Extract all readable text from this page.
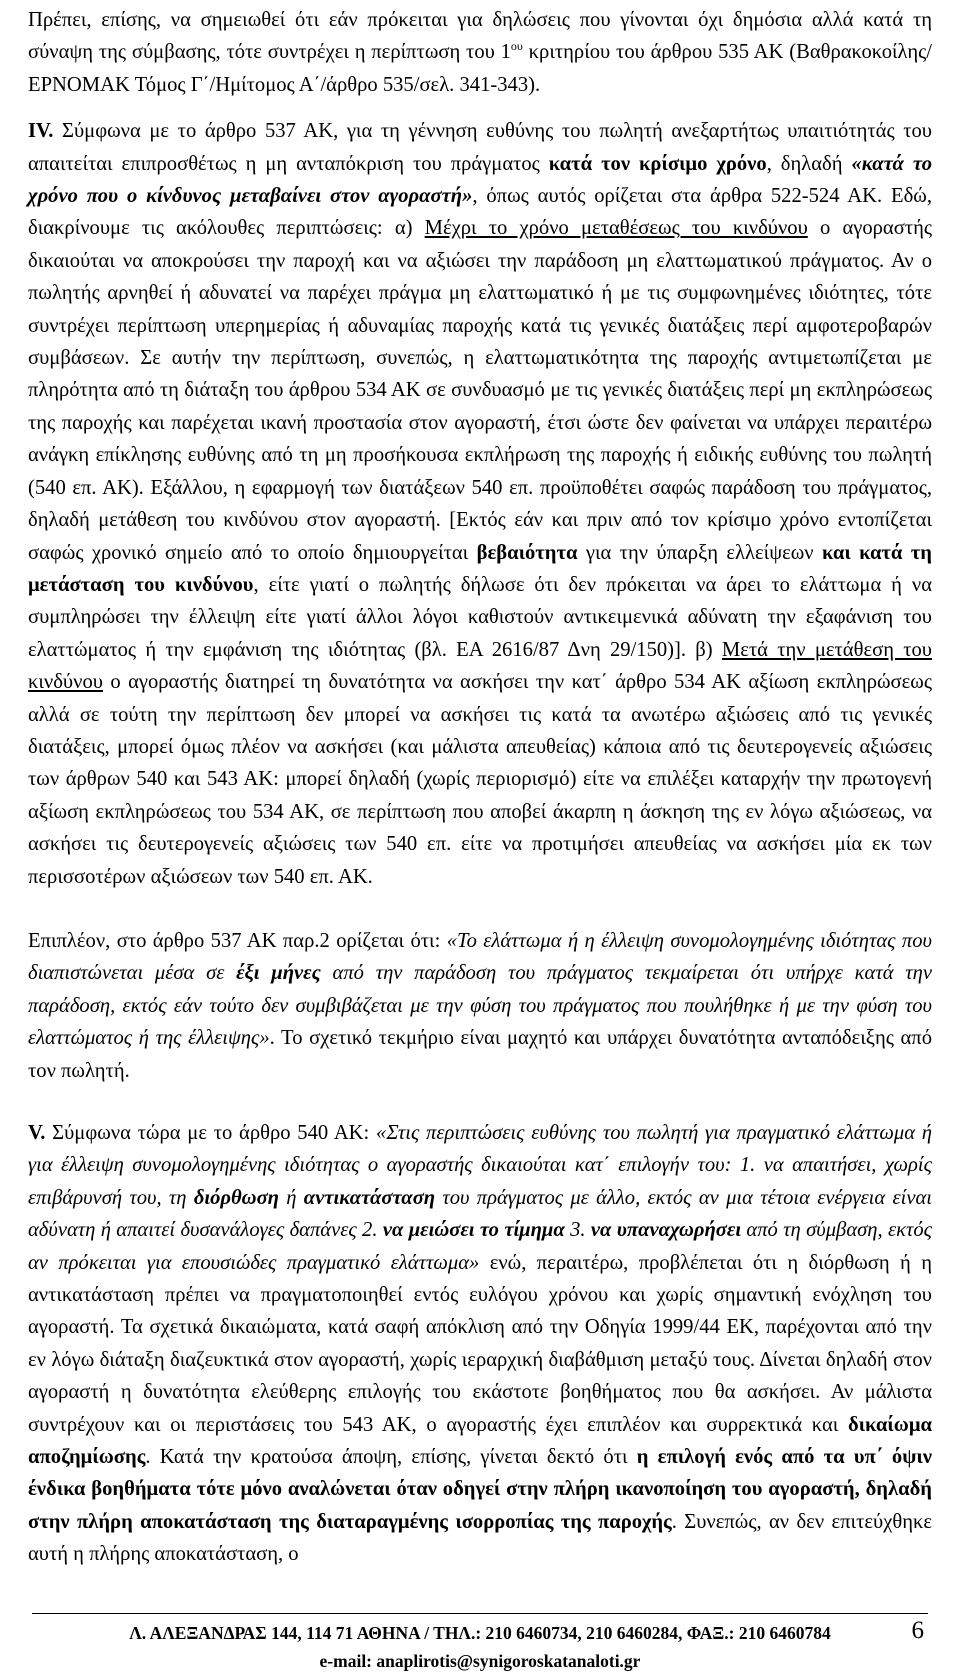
Πρέπει, επίσης, να σημειωθεί ότι εάν πρόκειται για δηλώσεις που γίνονται όχι δημόσια αλλά κατά τη σύναψη της σύμβασης, τότε συντρέχει η περίπτωση του $1^{o\upsilon}$ κριτηρίου του άρθρου 535 ΑΚ (Βαθρακοκοίλης/ΕΡΝΟΜΑΚ Τόμος Γ΄/Ημίτομος Α΄/άρθρο 535/σελ. 341-343).

IV. Σύμφωνα με το άρθρο 537 ΑΚ, για τη γέννηση ευθύνης του πωλητή ανεξαρτήτως υπαιτιότητάς του απαιτείται επιπροσθέτως η μη ανταπόκριση του πράγματος κατά τον κρίσιμο χρόνο, δηλαδή «κατά το χρόνο που ο κίνδυνος μεταβαίνει στον αγοραστή», όπως αυτός ορίζεται στα άρθρα 522-524 ΑΚ. Εδώ, διακρίνουμε τις ακόλουθες περιπτώσεις: α) Μέχρι το χρόνο μεταθέσεως του κινδύνου ο αγοραστής δικαιούται να αποκρούσει την παροχή και να αξιώσει την παράδοση μη ελαττωματικού πράγματος. Αν ο πωλητής αρνηθεί ή αδυνατεί να παρέχει πράγμα μη ελαττωματικό ή με τις συμφωνημένες ιδιότητες, τότε συντρέχει περίπτωση υπερημερίας ή αδυναμίας παροχής κατά τις γενικές διατάξεις περί αμφοτεροβαρών συμβάσεων. Σε αυτήν την περίπτωση, συνεπώς, η ελαττωματικότητα της παροχής αντιμετωπίζεται με πληρότητα από τη διάταξη του άρθρου 534 ΑΚ σε συνδυασμό με τις γενικές διατάξεις περί μη εκπληρώσεως της παροχής και παρέχεται ικανή προστασία στον αγοραστή, έτσι ώστε δεν φαίνεται να υπάρχει περαιτέρω ανάγκη επίκλησης ευθύνης από τη μη προσήκουσα εκπλήρωση της παροχής ή ειδικής ευθύνης του πωλητή (540 επ. ΑΚ). Εξάλλου, η εφαρμογή των διατάξεων 540 επ. προϋποθέτει σαφώς παράδοση του πράγματος, δηλαδή μετάθεση του κινδύνου στον αγοραστή. [Εκτός εάν και πριν από τον κρίσιμο χρόνο εντοπίζεται σαφώς χρονικό σημείο από το οποίο δημιουργείται βεβαιότητα για την ύπαρξη ελλείψεων και κατά τη μετάσταση του κινδύνου, είτε γιατί ο πωλητής δήλωσε ότι δεν πρόκειται να άρει το ελάττωμα ή να συμπληρώσει την έλλειψη είτε γιατί άλλοι λόγοι καθιστούν αντικειμενικά αδύνατη την εξαφάνιση του ελαττώματος ή την εμφάνιση της ιδιότητας (βλ. ΕΑ 2616/87 Δνη 29/150)]. β) Μετά την μετάθεση του κινδύνου ο αγοραστής διατηρεί τη δυνατότητα να ασκήσει την κατ΄ άρθρο 534 ΑΚ αξίωση εκπληρώσεως αλλά σε τούτη την περίπτωση δεν μπορεί να ασκήσει τις κατά τα ανωτέρω αξιώσεις από τις γενικές διατάξεις, μπορεί όμως πλέον να ασκήσει (και μάλιστα απευθείας) κάποια από τις δευτερογενείς αξιώσεις των άρθρων 540 και 543 ΑΚ: μπορεί δηλαδή (χωρίς περιορισμό) είτε να επιλέξει καταρχήν την πρωτογενή αξίωση εκπληρώσεως του 534 ΑΚ, σε περίπτωση που αποβεί άκαρπη η άσκηση της εν λόγω αξιώσεως, να ασκήσει τις δευτερογενείς αξιώσεις των 540 επ. είτε να προτιμήσει απευθείας να ασκήσει μία εκ των περισσοτέρων αξιώσεων των 540 επ. ΑΚ.

Επιπλέον, στο άρθρο 537 ΑΚ παρ.2 ορίζεται ότι: «Το ελάττωμα ή η έλλειψη συνομολογημένης ιδιότητας που διαπιστώνεται μέσα σε έξι μήνες από την παράδοση του πράγματος τεκμαίρεται ότι υπήρχε κατά την παράδοση, εκτός εάν τούτο δεν συμβιβάζεται με την φύση του πράγματος που πουλήθηκε ή με την φύση του ελαττώματος ή της έλλειψης». Το σχετικό τεκμήριο είναι μαχητό και υπάρχει δυνατότητα ανταπόδειξης από τον πωλητή.

V. Σύμφωνα τώρα με το άρθρο 540 ΑΚ: «Στις περιπτώσεις ευθύνης του πωλητή για πραγματικό ελάττωμα ή για έλλειψη συνομολογημένης ιδιότητας ο αγοραστής δικαιούται κατ΄ επιλογήν του: 1. να απαιτήσει, χωρίς επιβάρυνσή του, τη διόρθωση ή αντικατάσταση του πράγματος με άλλο, εκτός αν μια τέτοια ενέργεια είναι αδύνατη ή απαιτεί δυσανάλογες δαπάνες 2. να μειώσει το τίμημα 3. να υπαναχωρήσει από τη σύμβαση, εκτός αν πρόκειται για επουσιώδες πραγματικό ελάττωμα» ενώ, περαιτέρω, προβλέπεται ότι η διόρθωση ή η αντικατάσταση πρέπει να πραγματοποιηθεί εντός ευλόγου χρόνου και χωρίς σημαντική ενόχληση του αγοραστή. Τα σχετικά δικαιώματα, κατά σαφή απόκλιση από την Οδηγία 1999/44 ΕΚ, παρέχονται από την εν λόγω διάταξη διαζευκτικά στον αγοραστή, χωρίς ιεραρχική διαβάθμιση μεταξύ τους. Δίνεται δηλαδή στον αγοραστή η δυνατότητα ελεύθερης επιλογής του εκάστοτε βοηθήματος που θα ασκήσει. Αν μάλιστα συντρέχουν και οι περιστάσεις του 543 ΑΚ, ο αγοραστής έχει επιπλέον και συρρεκτικά και δικαίωμα αποζημίωσης. Κατά την κρατούσα άποψη, επίσης, γίνεται δεκτό ότι η επιλογή ενός από τα υπ΄ όψιν ένδικα βοηθήματα τότε μόνο αναλώνεται όταν οδηγεί στην πλήρη ικανοποίηση του αγοραστή, δηλαδή στην πλήρη αποκατάσταση της διαταραγμένης ισορροπίας της παροχής. Συνεπώς, αν δεν επιτεύχθηκε αυτή η πλήρης αποκατάσταση, ο

Λ. ΑΛΕΞΑΝΔΡΑΣ 144, 114 71 ΑΘΗΝΑ / ΤΗΛ.: 210 6460734, 210 6460284, ΦΑΞ.: 210 6460784	6
e-mail: anaplirotis@synigoroskatanaloti.gr
